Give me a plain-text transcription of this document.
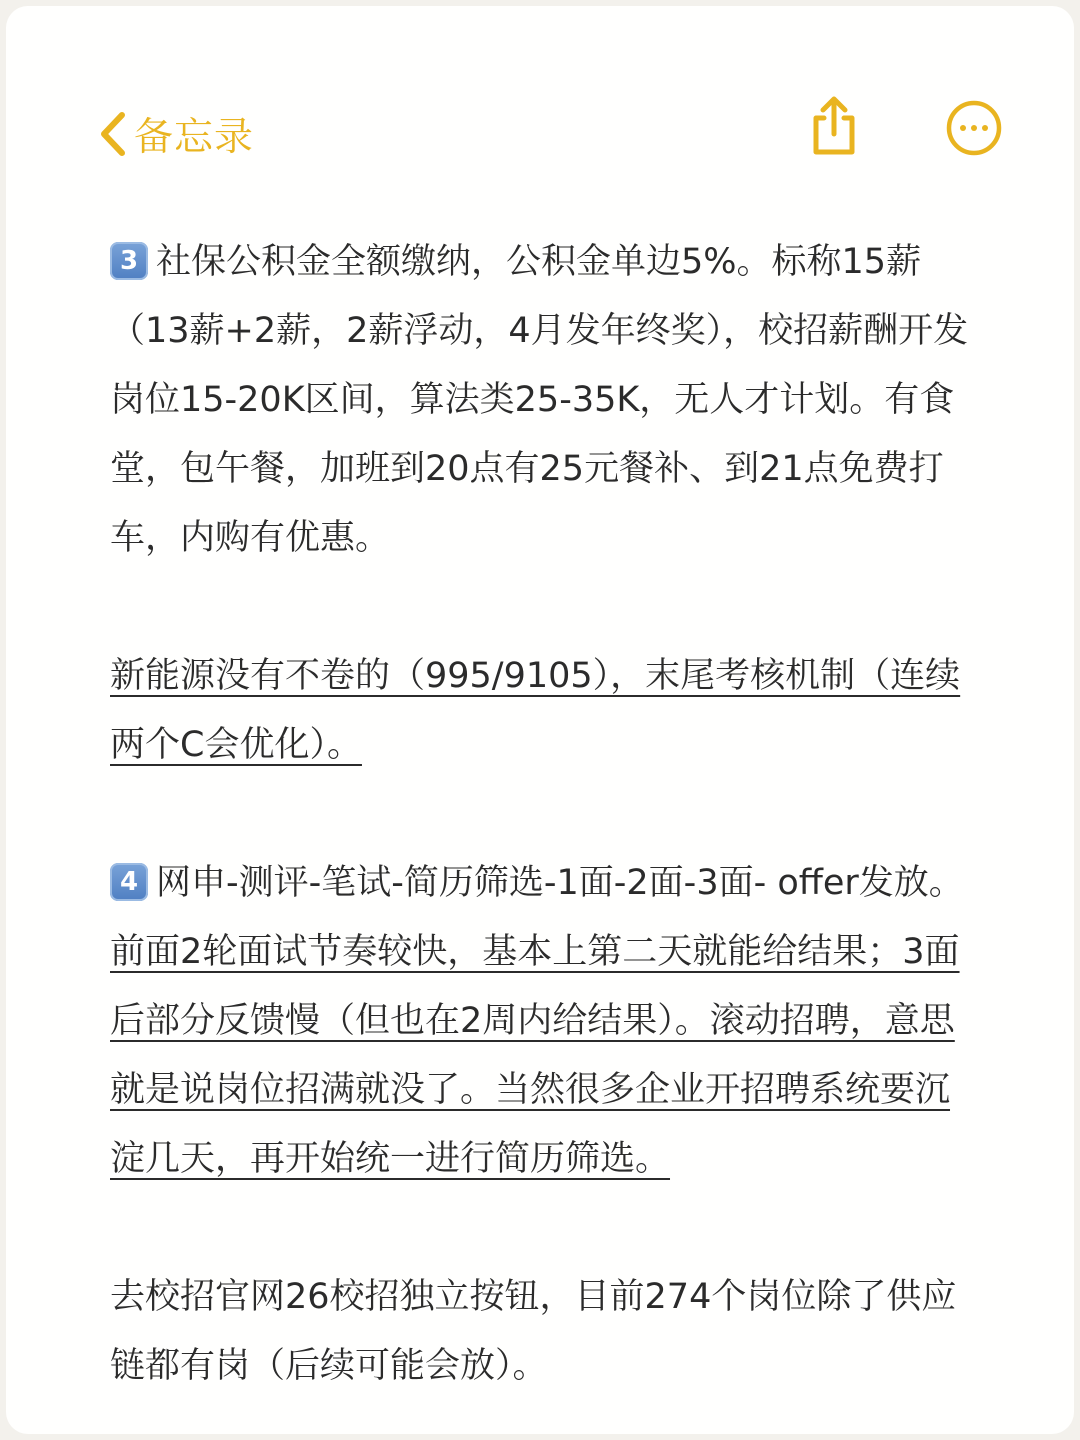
备忘录

3 社保公积金全额缴纳，公积金单边5%。标称15薪（13薪+2薪，2薪浮动，4月发年终奖），校招薪酬开发岗位15-20K区间，算法类25-35K，无人才计划。有食堂，包午餐，加班到20点有25元餐补、到21点免费打车，内购有优惠。

新能源没有不卷的（995/9105），末尾考核机制（连续两个C会优化）。

4 网申-测评-笔试-简历筛选-1面-2面-3面- offer发放。前面2轮面试节奏较快，基本上第二天就能给结果；3面后部分反馈慢（但也在2周内给结果）。滚动招聘，意思就是说岗位招满就没了。当然很多企业开招聘系统要沉淀几天，再开始统一进行简历筛选。

去校招官网26校招独立按钮，目前274个岗位除了供应链都有岗（后续可能会放）。
